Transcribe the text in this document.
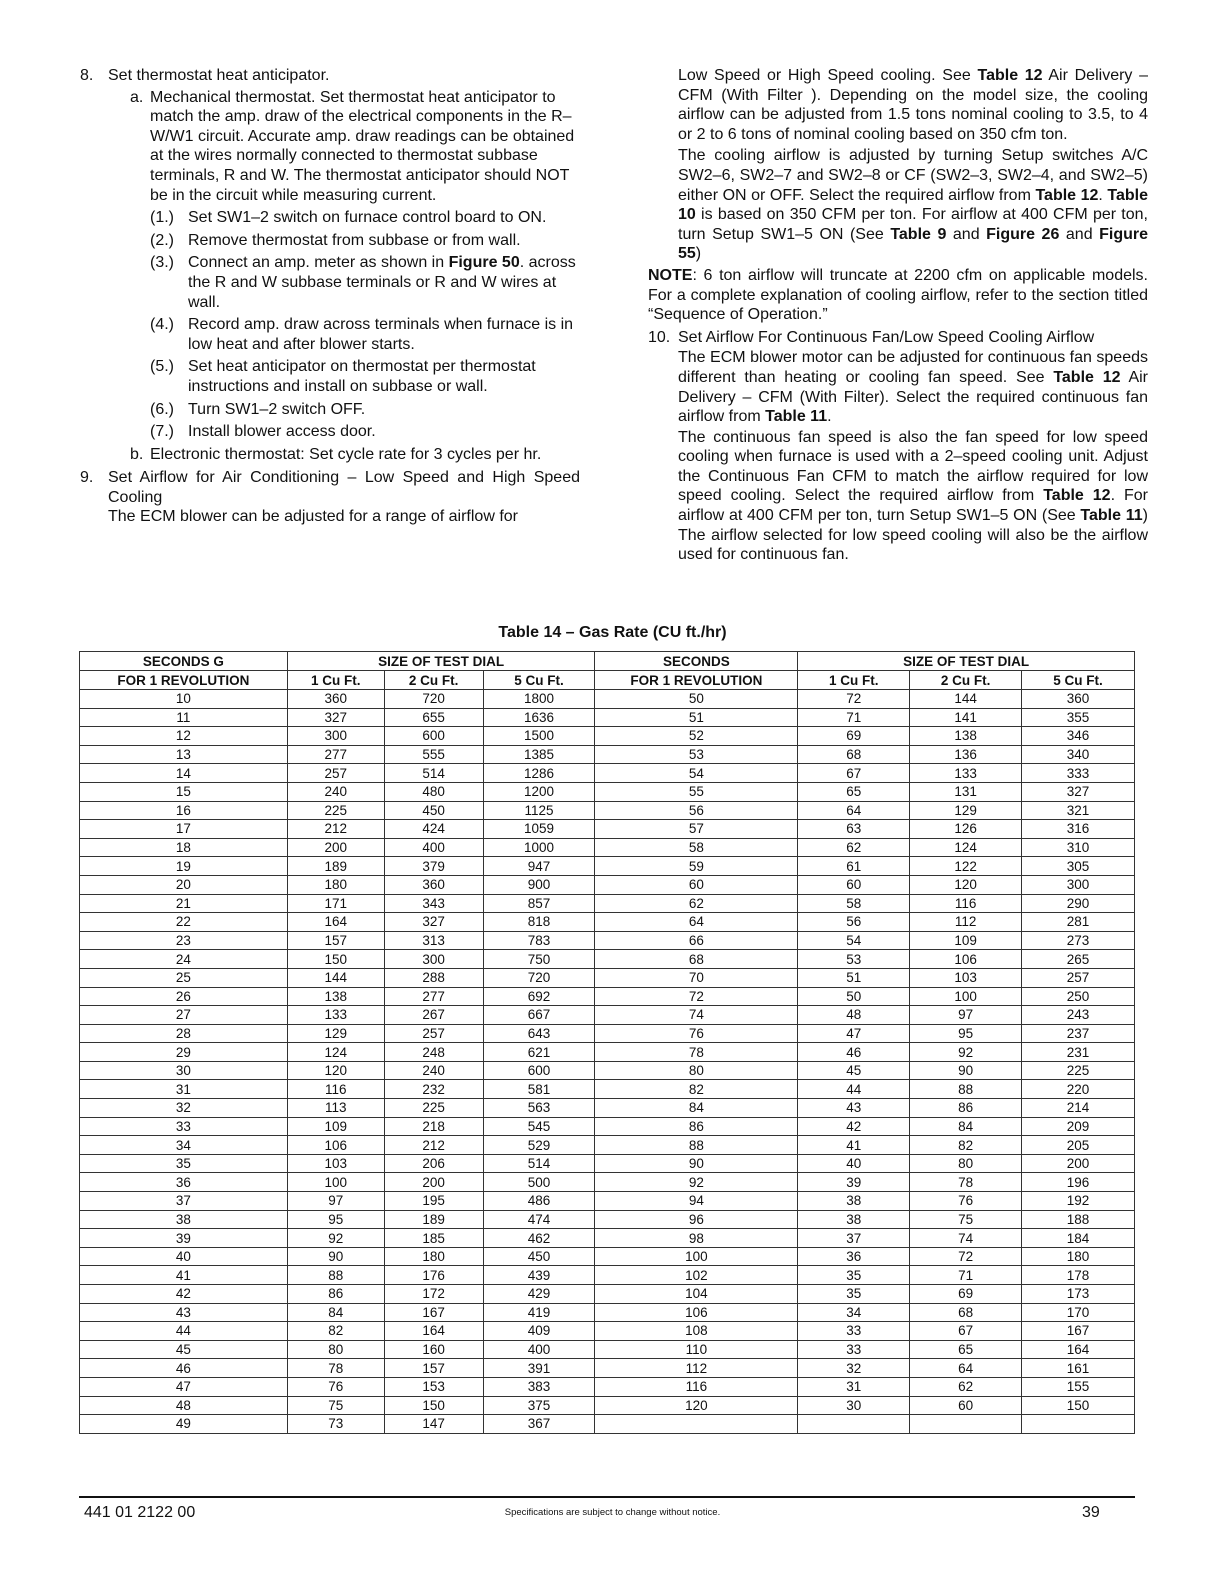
8. Set thermostat heat anticipator.
a. Mechanical thermostat. Set thermostat heat anticipator to match the amp. draw of the electrical components in the R–W/W1 circuit. Accurate amp. draw readings can be obtained at the wires normally connected to thermostat subbase terminals, R and W. The thermostat anticipator should NOT be in the circuit while measuring current.
(1.) Set SW1–2 switch on furnace control board to ON.
(2.) Remove thermostat from subbase or from wall.
(3.) Connect an amp. meter as shown in Figure 50. across the R and W subbase terminals or R and W wires at wall.
(4.) Record amp. draw across terminals when furnace is in low heat and after blower starts.
(5.) Set heat anticipator on thermostat per thermostat instructions and install on subbase or wall.
(6.) Turn SW1–2 switch OFF.
(7.) Install blower access door.
b. Electronic thermostat: Set cycle rate for 3 cycles per hr.
9. Set Airflow for Air Conditioning – Low Speed and High Speed Cooling
The ECM blower can be adjusted for a range of airflow for

Low Speed or High Speed cooling. See Table 12 Air Delivery – CFM (With Filter ). Depending on the model size, the cooling airflow can be adjusted from 1.5 tons nominal cooling to 3.5, to 4 or 2 to 6 tons of nominal cooling based on 350 cfm ton.

The cooling airflow is adjusted by turning Setup switches A/C SW2–6, SW2–7 and SW2–8 or CF (SW2–3, SW2–4, and SW2–5) either ON or OFF. Select the required airflow from Table 12. Table 10 is based on 350 CFM per ton. For airflow at 400 CFM per ton, turn Setup SW1–5 ON (See Table 9 and Figure 26 and Figure 55)

NOTE: 6 ton airflow will truncate at 2200 cfm on applicable models. For a complete explanation of cooling airflow, refer to the section titled “Sequence of Operation.”
10. Set Airflow For Continuous Fan/Low Speed Cooling Airflow

The ECM blower motor can be adjusted for continuous fan speeds different than heating or cooling fan speed. See Table 12 Air Delivery – CFM (With Filter). Select the required continuous fan airflow from Table 11.

The continuous fan speed is also the fan speed for low speed cooling when furnace is used with a 2–speed cooling unit. Adjust the Continuous Fan CFM to match the airflow required for low speed cooling. Select the required airflow from Table 12. For airflow at 400 CFM per ton, turn Setup SW1–5 ON (See Table 11) The airflow selected for low speed cooling will also be the airflow used for continuous fan.

Table 14 – Gas Rate (CU ft./hr)
SECONDS G	SIZE OF TEST DIAL			SECONDS	SIZE OF TEST DIAL		
FOR 1 REVOLUTION	1 Cu Ft.	2 Cu Ft.	5 Cu Ft.	FOR 1 REVOLUTION	1 Cu Ft.	2 Cu Ft.	5 Cu Ft.
10	360	720	1800	50	72	144	360
11	327	655	1636	51	71	141	355
12	300	600	1500	52	69	138	346
13	277	555	1385	53	68	136	340
14	257	514	1286	54	67	133	333
15	240	480	1200	55	65	131	327
16	225	450	1125	56	64	129	321
17	212	424	1059	57	63	126	316
18	200	400	1000	58	62	124	310
19	189	379	947	59	61	122	305
20	180	360	900	60	60	120	300
21	171	343	857	62	58	116	290
22	164	327	818	64	56	112	281
23	157	313	783	66	54	109	273
24	150	300	750	68	53	106	265
25	144	288	720	70	51	103	257
26	138	277	692	72	50	100	250
27	133	267	667	74	48	97	243
28	129	257	643	76	47	95	237
29	124	248	621	78	46	92	231
30	120	240	600	80	45	90	225
31	116	232	581	82	44	88	220
32	113	225	563	84	43	86	214
33	109	218	545	86	42	84	209
34	106	212	529	88	41	82	205
35	103	206	514	90	40	80	200
36	100	200	500	92	39	78	196
37	97	195	486	94	38	76	192
38	95	189	474	96	38	75	188
39	92	185	462	98	37	74	184
40	90	180	450	100	36	72	180
41	88	176	439	102	35	71	178
42	86	172	429	104	35	69	173
43	84	167	419	106	34	68	170
44	82	164	409	108	33	67	167
45	80	160	400	110	33	65	164
46	78	157	391	112	32	64	161
47	76	153	383	116	31	62	155
48	75	150	375	120	30	60	150
49	73	147	367				
441 01 2122 00	Specifications are subject to change without notice.	39
